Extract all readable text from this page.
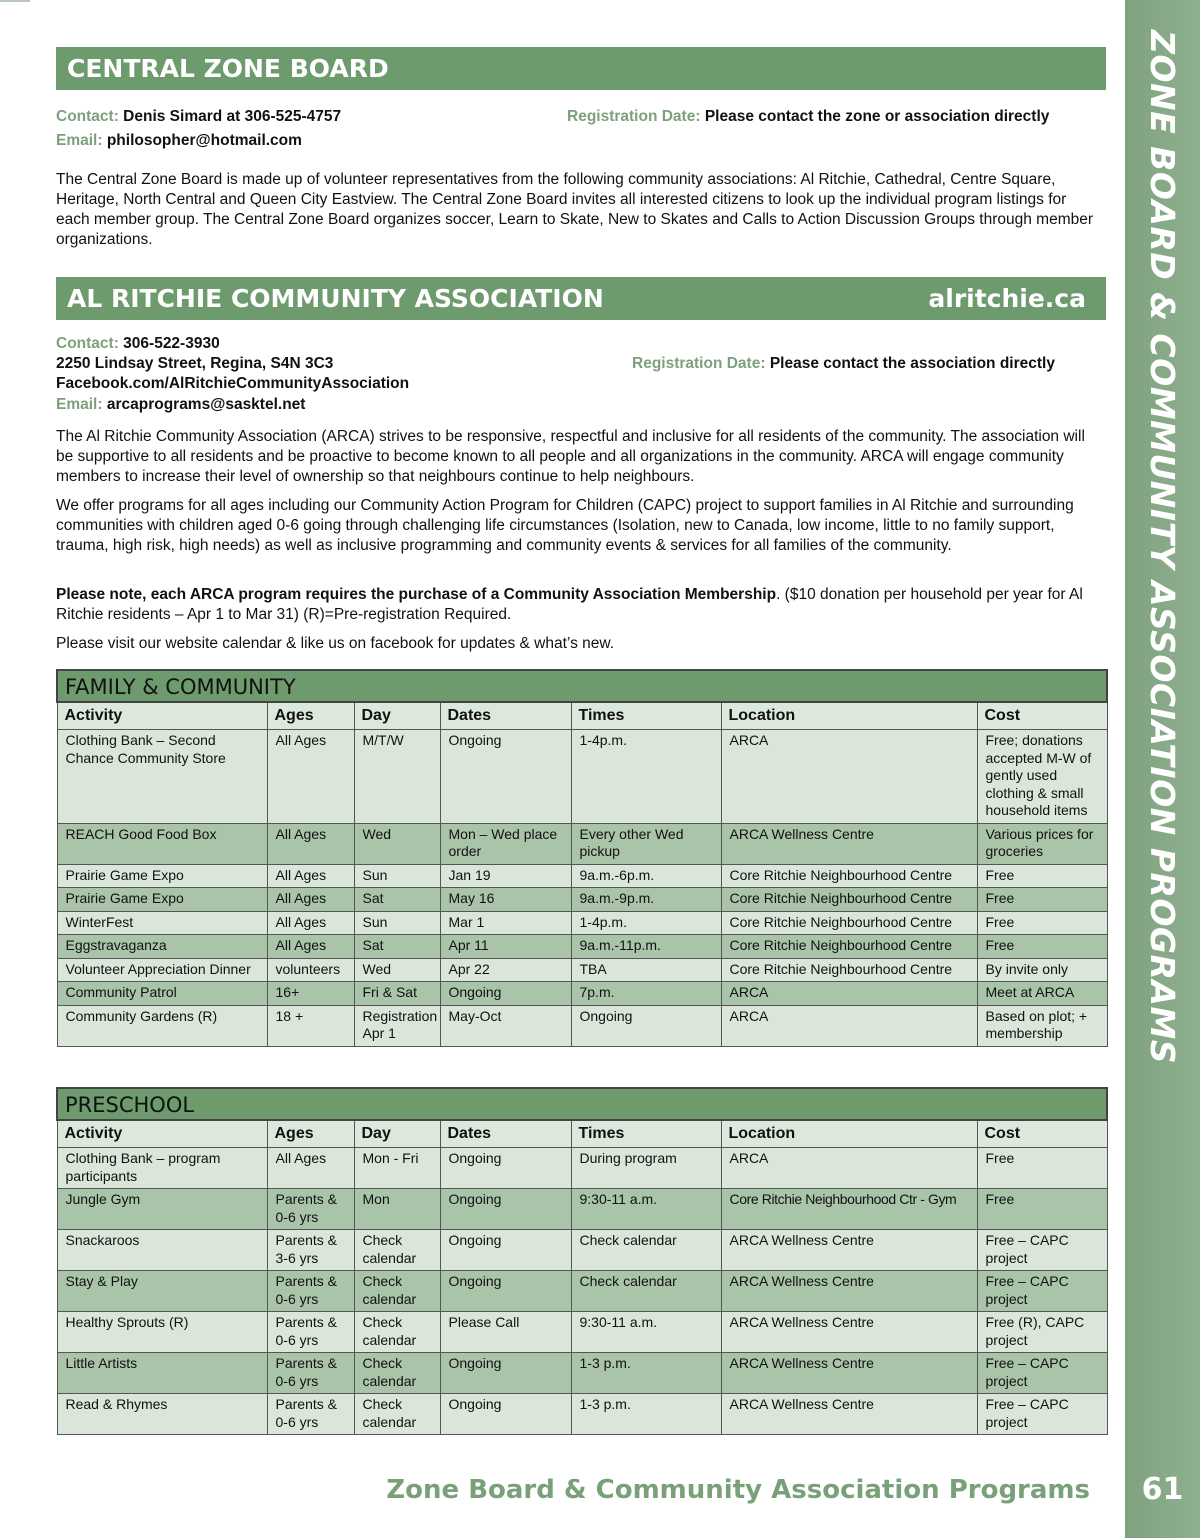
ZONE BOARD & COMMUNITY ASSOCIATION PROGRAMS
CENTRAL ZONE BOARD
Contact: Denis Simard at 306-525-4757	Registration Date: Please contact the zone or association directly
Email: philosopher@hotmail.com
The Central Zone Board is made up of volunteer representatives from the following community associations: Al Ritchie, Cathedral, Centre Square, Heritage, North Central and Queen City Eastview. The Central Zone Board invites all interested citizens to look up the individual program listings for each member group. The Central Zone Board organizes soccer, Learn to Skate, New to Skates and Calls to Action Discussion Groups through member organizations.
AL RITCHIE COMMUNITY ASSOCIATION	alritchie.ca
Contact: 306-522-3930
2250 Lindsay Street, Regina, S4N 3C3
Facebook.com/AlRitchieCommunityAssociation
Email: arcaprograms@sasktel.net
Registration Date: Please contact the association directly
The Al Ritchie Community Association (ARCA) strives to be responsive, respectful and inclusive for all residents of the community. The association will be supportive to all residents and be proactive to become known to all people and all organizations in the community. ARCA will engage community members to increase their level of ownership so that neighbours continue to help neighbours.
We offer programs for all ages including our Community Action Program for Children (CAPC) project to support families in Al Ritchie and surrounding communities with children aged 0-6 going through challenging life circumstances (Isolation, new to Canada, low income, little to no family support, trauma, high risk, high needs) as well as inclusive programming and community events & services for all families of the community.
Please note, each ARCA program requires the purchase of a Community Association Membership. ($10 donation per household per year for Al Ritchie residents – Apr 1 to Mar 31) (R)=Pre-registration Required.
Please visit our website calendar & like us on facebook for updates & what’s new.
FAMILY & COMMUNITY						
Activity	Ages	Day	Dates	Times	Location	Cost
Clothing Bank – Second Chance Community Store	All Ages	M/T/W	Ongoing	1-4p.m.	ARCA	Free; donations accepted M-W of gently used clothing & small household items
REACH Good Food Box	All Ages	Wed	Mon – Wed place order	Every other Wed pickup	ARCA Wellness Centre	Various prices for groceries
Prairie Game Expo	All Ages	Sun	Jan 19	9a.m.-6p.m.	Core Ritchie Neighbourhood Centre	Free
Prairie Game Expo	All Ages	Sat	May 16	9a.m.-9p.m.	Core Ritchie Neighbourhood Centre	Free
WinterFest	All Ages	Sun	Mar 1	1-4p.m.	Core Ritchie Neighbourhood Centre	Free
Eggstravaganza	All Ages	Sat	Apr 11	9a.m.-11p.m.	Core Ritchie Neighbourhood Centre	Free
Volunteer Appreciation Dinner	volunteers	Wed	Apr 22	TBA	Core Ritchie Neighbourhood Centre	By invite only
Community Patrol	16+	Fri & Sat	Ongoing	7p.m.	ARCA	Meet at ARCA
Community Gardens (R)	18 +	Registration Apr 1	May-Oct	Ongoing	ARCA	Based on plot; + membership
PRESCHOOL						
Activity	Ages	Day	Dates	Times	Location	Cost
Clothing Bank – program participants	All Ages	Mon - Fri	Ongoing	During program	ARCA	Free
Jungle Gym	Parents & 0-6 yrs	Mon	Ongoing	9:30-11 a.m.	Core Ritchie Neighbourhood Ctr - Gym	Free
Snackaroos	Parents & 3-6 yrs	Check calendar	Ongoing	Check calendar	ARCA Wellness Centre	Free – CAPC project
Stay & Play	Parents & 0-6 yrs	Check calendar	Ongoing	Check calendar	ARCA Wellness Centre	Free – CAPC project
Healthy Sprouts (R)	Parents & 0-6 yrs	Check calendar	Please Call	9:30-11 a.m.	ARCA Wellness Centre	Free (R), CAPC project
Little Artists	Parents & 0-6 yrs	Check calendar	Ongoing	1-3 p.m.	ARCA Wellness Centre	Free – CAPC project
Read & Rhymes	Parents & 0-6 yrs	Check calendar	Ongoing	1-3 p.m.	ARCA Wellness Centre	Free – CAPC project
Zone Board & Community Association Programs	61
